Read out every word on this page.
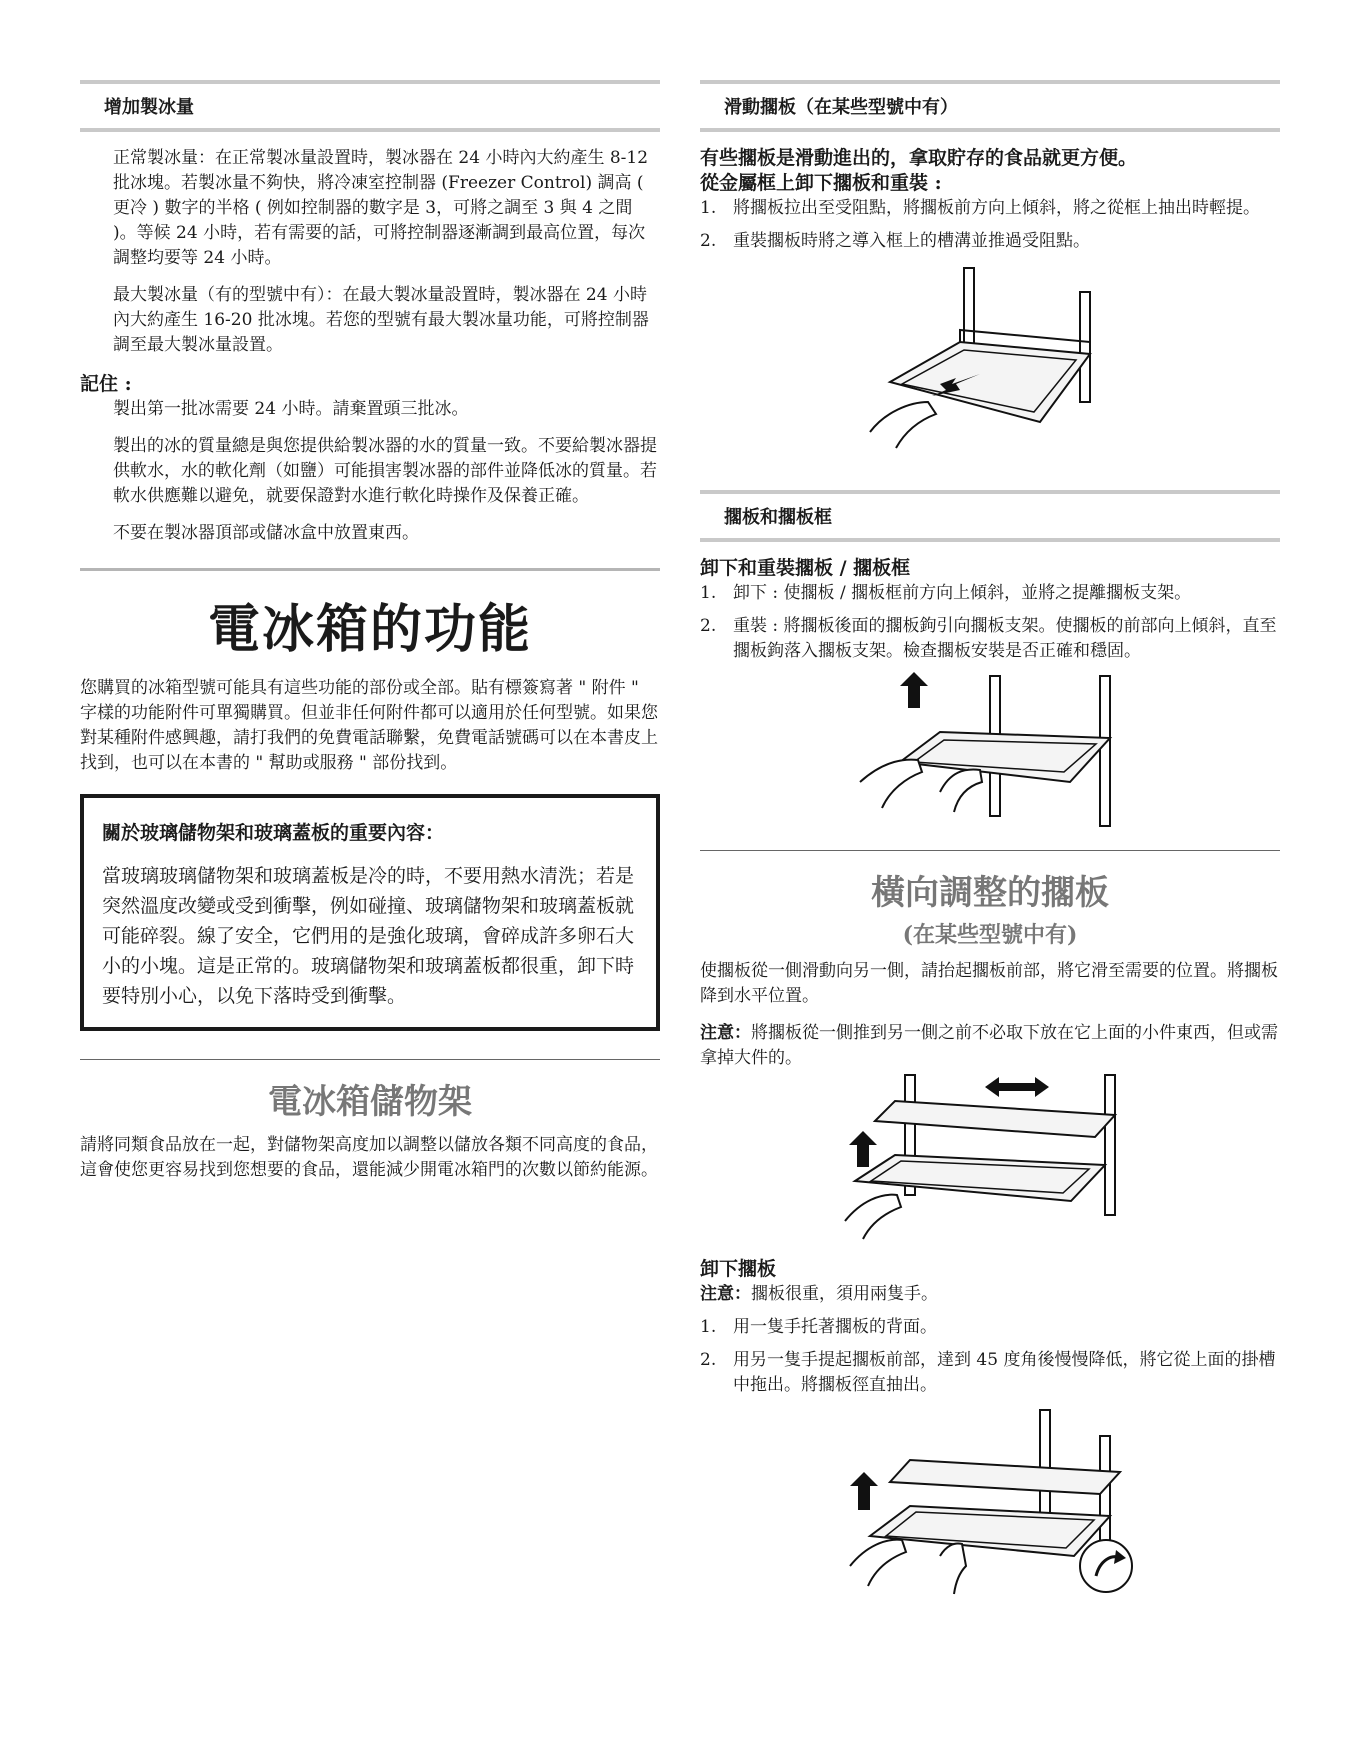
增加製冰量

正常製冰量：在正常製冰量設置時，製冰器在 24 小時內大約產生 8-12 批冰塊。若製冰量不夠快，將冷凍室控制器 (Freezer Control) 調高 ( 更冷 ) 數字的半格 ( 例如控制器的數字是 3，可將之調至 3 與 4 之間 )。等候 24 小時，若有需要的話，可將控制器逐漸調到最高位置，每次調整均要等 24 小時。

最大製冰量（有的型號中有）：在最大製冰量設置時，製冰器在 24 小時內大約產生 16-20 批冰塊。若您的型號有最大製冰量功能，可將控制器調至最大製冰量設置。

記住 :

製出第一批冰需要 24 小時。請棄置頭三批冰。

製出的冰的質量總是與您提供給製冰器的水的質量一致。不要給製冰器提供軟水，水的軟化劑（如鹽）可能損害製冰器的部件並降低冰的質量。若軟水供應難以避免，就要保證對水進行軟化時操作及保養正確。

不要在製冰器頂部或儲冰盒中放置東西。

電冰箱的功能

您購買的冰箱型號可能具有這些功能的部份或全部。貼有標簽寫著 " 附件 " 字樣的功能附件可單獨購買。但並非任何附件都可以適用於任何型號。如果您對某種附件感興趣，請打我們的免費電話聯繫，免費電話號碼可以在本書皮上找到，也可以在本書的 " 幫助或服務 " 部份找到。

關於玻璃儲物架和玻璃蓋板的重要內容：

當玻璃玻璃儲物架和玻璃蓋板是冷的時，不要用熱水清洗；若是突然溫度改變或受到衝擊，例如碰撞、玻璃儲物架和玻璃蓋板就可能碎裂。線了安全，它們用的是強化玻璃，會碎成許多卵石大小的小塊。這是正常的。玻璃儲物架和玻璃蓋板都很重，卸下時要特別小心，以免下落時受到衝擊。

電冰箱儲物架

請將同類食品放在一起，對儲物架高度加以調整以儲放各類不同高度的食品，這會使您更容易找到您想要的食品，還能減少開電冰箱門的次數以節約能源。

滑動擱板（在某些型號中有）

有些擱板是滑動進出的，拿取貯存的食品就更方便。

從金屬框上卸下擱板和重裝 :

1. 將擱板拉出至受阻點，將擱板前方向上傾斜，將之從框上抽出時輕提。
2. 重裝擱板時將之導入框上的槽溝並推過受阻點。
擱板和擱板框

卸下和重裝擱板 / 擱板框

1. 卸下 : 使擱板 / 擱板框前方向上傾斜，並將之提離擱板支架。
2. 重裝 : 將擱板後面的擱板鉤引向擱板支架。使擱板的前部向上傾斜，直至擱板鉤落入擱板支架。檢查擱板安裝是否正確和穩固。
橫向調整的擱板
(在某些型號中有)

使擱板從一側滑動向另一側，請抬起擱板前部，將它滑至需要的位置。將擱板降到水平位置。

注意：將擱板從一側推到另一側之前不必取下放在它上面的小件東西，但或需拿掉大件的。

卸下擱板

注意：擱板很重，須用兩隻手。

1. 用一隻手托著擱板的背面。
2. 用另一隻手提起擱板前部，達到 45 度角後慢慢降低，將它從上面的掛槽中拖出。將擱板徑直抽出。
